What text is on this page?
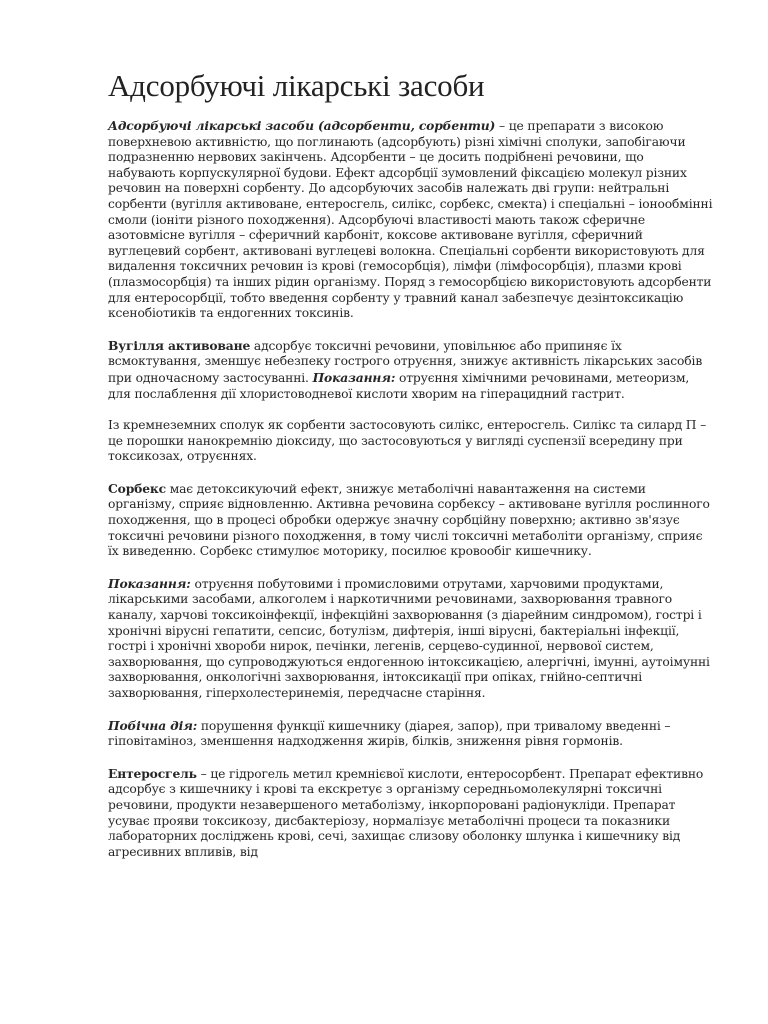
Адсорбуючі лікарські засоби

Адсорбуючі лікарські засоби (адсорбенти, сорбенти) – це препарати з високою поверхневою активністю, що поглинають (адсорбують) різні хімічні сполуки, запобігаючи подразненню нервових закінчень. Адсорбенти – це досить подрібнені речовини, що набувають корпускулярної будови. Ефект адсорбції зумовлений фіксацією молекул різних речовин на поверхні сорбенту. До адсорбуючих засобів належать дві групи: нейтральні сорбенти (вугілля активоване, ентеросгель, силікс, сорбекс, смекта) і спеціальні – іонообмінні смоли (іоніти різного походження). Адсорбуючі властивості мають також сферичне азотовмісне вугілля – сферичний карбоніт, коксове активоване вугілля, сферичний вуглецевий сорбент, активовані вуглецеві волокна. Спеціальні сорбенти використовують для видалення токсичних речовин із крові (гемосорбція), лімфи (лімфосорбція), плазми крові (плазмосорбція) та інших рідин організму. Поряд з гемосорбцією використовують адсорбенти для ентеросорбції, тобто введення сорбенту у травний канал забезпечує дезінтоксикацію ксенобіотиків та ендогенних токсинів.

Вугілля активоване адсорбує токсичні речовини, уповільнює або припиняє їх всмоктування, зменшує небезпеку гострого отруєння, знижує активність лікарських засобів при одночасному застосуванні. Показання: отруєння хімічними речовинами, метеоризм, для послаблення дії хлористоводневої кислоти хворим на гіперацидний гастрит.

Із кремнеземних сполук як сорбенти застосовують силікс, ентеросгель. Силікс та силард П – це порошки нанокремнію діоксиду, що застосовуються у вигляді суспензії всередину при токсикозах, отруєннях.

Сорбекс має детоксикуючий ефект, знижує метаболічні навантаження на системи організму, сприяє відновленню. Активна речовина сорбексу – активоване вугілля рослинного походження, що в процесі обробки одержує значну сорбційну поверхню; активно зв'язує токсичні речовини різного походження, в тому числі токсичні метаболіти організму, сприяє їх виведенню. Сорбекс стимулює моторику, посилює кровообіг кишечнику.

Показання: отруєння побутовими і промисловими отрутами, харчовими продуктами, лікарськими засобами, алкоголем і наркотичними речовинами, захворювання травного каналу, харчові токсикоінфекції, інфекційні захворювання (з діарейним синдромом), гострі і хронічні вірусні гепатити, сепсис, ботулізм, дифтерія, інші вірусні, бактеріальні інфекції, гострі і хронічні хвороби нирок, печінки, легенів, серцево-судинної, нервової систем, захворювання, що супроводжуються ендогенною інтоксикацією, алергічні, імунні, аутоімунні захворювання, онкологічні захворювання, інтоксикації при опіках, гнійно-септичні захворювання, гіперхолестеринемія, передчасне старіння.

Побічна дія: порушення функції кишечнику (діарея, запор), при тривалому введенні – гіповітаміноз, зменшення надходження жирів, білків, зниження рівня гормонів.

Ентеросгель – це гідрогель метил кремнієвої кислоти, ентеросорбент. Препарат ефективно адсорбує з кишечнику і крові та екскретує з організму середньомолекулярні токсичні речовини, продукти незавершеного метаболізму, інкорпоровані радіонукліди. Препарат усуває прояви токсикозу, дисбактеріозу, нормалізує метаболічні процеси та показники лабораторних досліджень крові, сечі, захищає слизову оболонку шлунка і кишечнику від агресивних впливів, від
